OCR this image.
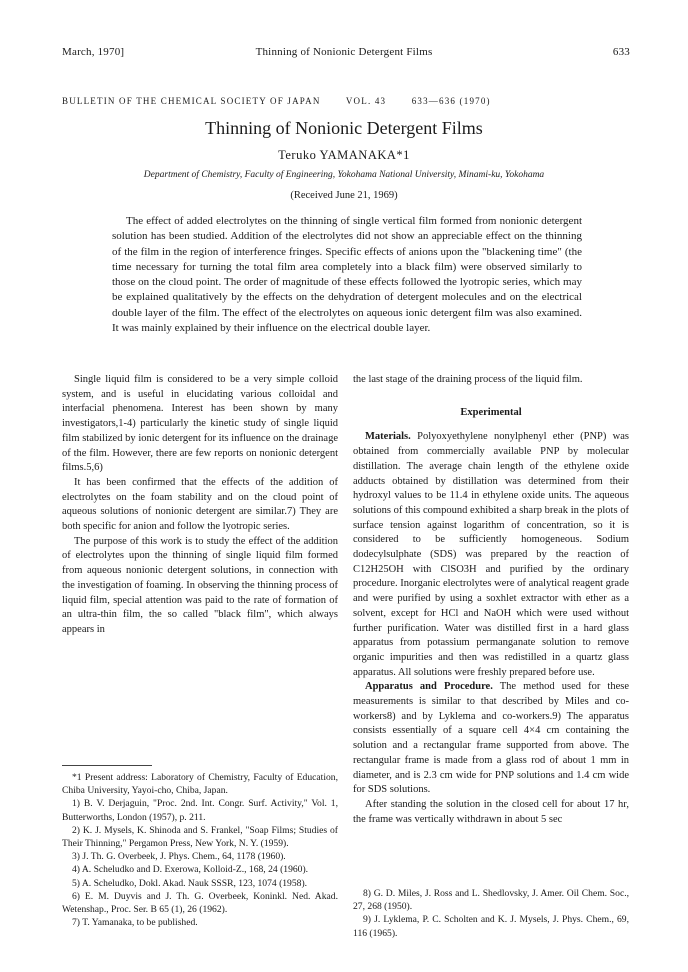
March, 1970]	Thinning of Nonionic Detergent Films	633
BULLETIN OF THE CHEMICAL SOCIETY OF JAPAN	VOL. 43	633—636 (1970)
Thinning of Nonionic Detergent Films
Teruko YAMANAKA*1
Department of Chemistry, Faculty of Engineering, Yokohama National University, Minami-ku, Yokohama
(Received June 21, 1969)

The effect of added electrolytes on the thinning of single vertical film formed from nonionic detergent solution has been studied. Addition of the electrolytes did not show an appreciable effect on the thinning of the film in the region of interference fringes. Specific effects of anions upon the "blackening time" (the time necessary for turning the total film area completely into a black film) were observed similarly to those on the cloud point. The order of magnitude of these effects followed the lyotropic series, which may be explained qualitatively by the effects on the dehydration of detergent molecules and on the electrical double layer of the film. The effect of the electrolytes on aqueous ionic detergent film was also examined. It was mainly explained by their influence on the electrical double layer.

Single liquid film is considered to be a very simple colloid system, and is useful in elucidating various colloidal and interfacial phenomena. Interest has been shown by many investigators,1-4) particularly the kinetic study of single liquid film stabilized by ionic detergent for its influence on the drainage of the film. However, there are few reports on nonionic detergent films.5,6)

It has been confirmed that the effects of the addition of electrolytes on the foam stability and on the cloud point of aqueous solutions of nonionic detergent are similar.7) They are both specific for anion and follow the lyotropic series.

The purpose of this work is to study the effect of the addition of electrolytes upon the thinning of single liquid film formed from aqueous nonionic detergent solutions, in connection with the investigation of foaming. In observing the thinning process of liquid film, special attention was paid to the rate of formation of an ultra-thin film, the so called "black film", which always appears in

the last stage of the draining process of the liquid film.

Experimental

Materials. Polyoxyethylene nonylphenyl ether (PNP) was obtained from commercially available PNP by molecular distillation. The average chain length of the ethylene oxide adducts obtained by distillation was determined from their hydroxyl values to be 11.4 in ethylene oxide units. The aqueous solutions of this compound exhibited a sharp break in the plots of surface tension against logarithm of concentration, so it is considered to be sufficiently homogeneous. Sodium dodecylsulphate (SDS) was prepared by the reaction of C12H25OH with ClSO3H and purified by the ordinary procedure. Inorganic electrolytes were of analytical reagent grade and were purified by using a soxhlet extractor with ether as a solvent, except for HCl and NaOH which were used without further purification. Water was distilled first in a hard glass apparatus from potassium permanganate solution to remove organic impurities and then was redistilled in a quartz glass apparatus. All solutions were freshly prepared before use.

Apparatus and Procedure. The method used for these measurements is similar to that described by Miles and co-workers8) and by Lyklema and co-workers.9) The apparatus consists essentially of a square cell 4×4 cm containing the solution and a rectangular frame supported from above. The rectangular frame is made from a glass rod of about 1 mm in diameter, and is 2.3 cm wide for PNP solutions and 1.4 cm wide for SDS solutions.

After standing the solution in the closed cell for about 17 hr, the frame was vertically withdrawn in about 5 sec

*1 Present address: Laboratory of Chemistry, Faculty of Education, Chiba University, Yayoi-cho, Chiba, Japan.

1) B. V. Derjaguin, "Proc. 2nd. Int. Congr. Surf. Activity," Vol. 1, Butterworths, London (1957), p. 211.

2) K. J. Mysels, K. Shinoda and S. Frankel, "Soap Films; Studies of Their Thinning," Pergamon Press, New York, N. Y. (1959).

3) J. Th. G. Overbeek, J. Phys. Chem., 64, 1178 (1960).

4) A. Scheludko and D. Exerowa, Kolloid-Z., 168, 24 (1960).

5) A. Scheludko, Dokl. Akad. Nauk SSSR, 123, 1074 (1958).

6) E. M. Duyvis and J. Th. G. Overbeek, Koninkl. Ned. Akad. Wetenshap., Proc. Ser. B 65 (1), 26 (1962).

7) T. Yamanaka, to be published.

8) G. D. Miles, J. Ross and L. Shedlovsky, J. Amer. Oil Chem. Soc., 27, 268 (1950).

9) J. Lyklema, P. C. Scholten and K. J. Mysels, J. Phys. Chem., 69, 116 (1965).
